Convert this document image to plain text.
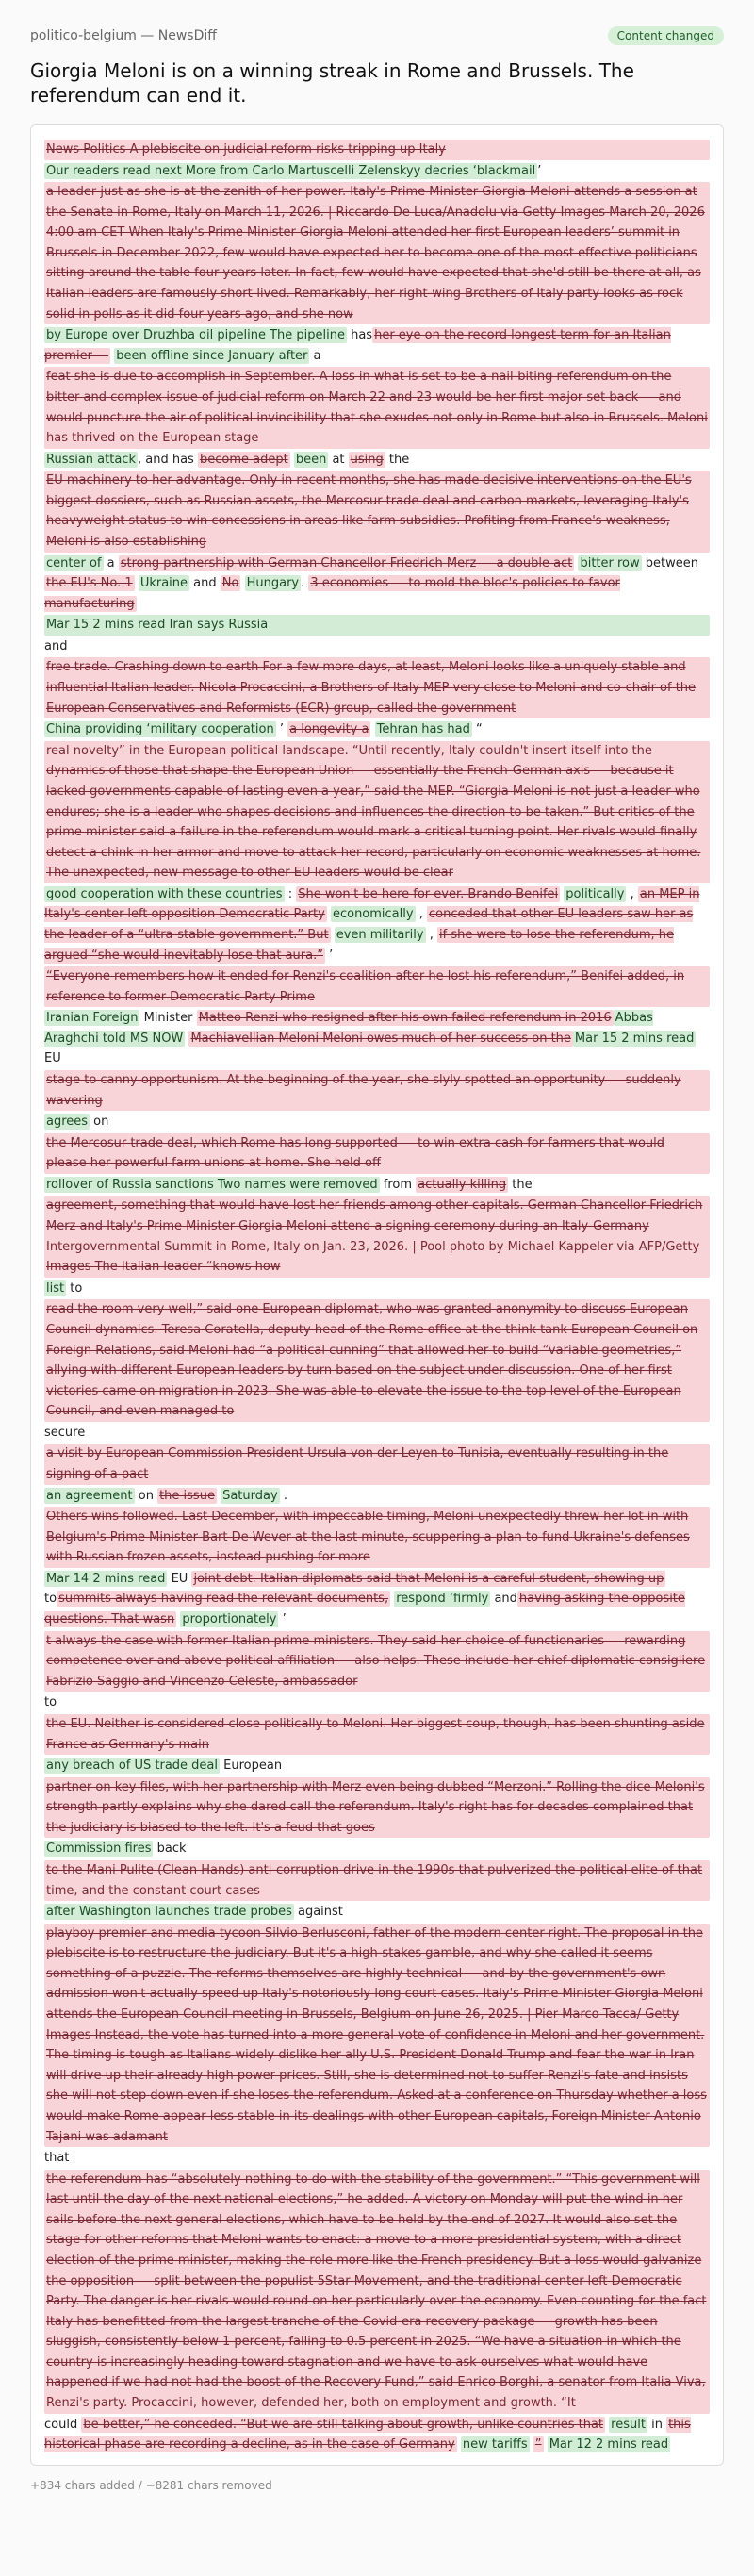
politico-belgium — NewsDiff	Content changed
Giorgia Meloni is on a winning streak in Rome and Brussels. The referendum can end it.
News Politics A plebiscite on judicial reform risks tripping up Italy
Our readers read next More from Carlo Martuscelli Zelenskyy decries ‘blackmail ’
a leader just as she is at the zenith of her power. Italy's Prime Minister Giorgia Meloni attends a session at the Senate in Rome, Italy on March 11, 2026. | Riccardo De Luca/Anadolu via Getty Images March 20, 2026 4:00 am CET When Italy's Prime Minister Giorgia Meloni attended her first European leaders’ summit in Brussels in December 2022, few would have expected her to become one of the most effective politicians sitting around the table four years later. In fact, few would have expected that she'd still be there at all, as Italian leaders are famously short-lived. Remarkably, her right-wing Brothers of Italy party looks as rock solid in polls as it did four years ago, and she now
by Europe over Druzhba oil pipeline The pipeline has her eye on the record longest term for an Italian premier — been offline since January after a
feat she is due to accomplish in September. A loss in what is set to be a nail-biting referendum on the bitter and complex issue of judicial reform on March 22 and 23 would be her first major set back — and would puncture the air of political invincibility that she exudes not only in Rome but also in Brussels. Meloni has thrived on the European stage
Russian attack , and has become adept been at using the
EU machinery to her advantage. Only in recent months, she has made decisive interventions on the EU's biggest dossiers, such as Russian assets, the Mercosur trade deal and carbon markets, leveraging Italy's heavyweight status to win concessions in areas like farm subsidies. Profiting from France's weakness, Meloni is also establishing
center of a strong partnership with German Chancellor Friedrich Merz — a double act bitter row between the EU's No. 1 Ukraine and No Hungary . 3 economies — to mold the bloc's policies to favor manufacturing
Mar 15 2 mins read Iran says Russia
and
free trade. Crashing down to earth For a few more days, at least, Meloni looks like a uniquely stable and influential Italian leader. Nicola Procaccini, a Brothers of Italy MEP very close to Meloni and co-chair of the European Conservatives and Reformists (ECR) group, called the government
China providing ‘military cooperation ’ a longevity a Tehran has had “
real novelty” in the European political landscape. “Until recently, Italy couldn't insert itself into the dynamics of those that shape the European Union — essentially the French-German axis — because it lacked governments capable of lasting even a year,” said the MEP. “Giorgia Meloni is not just a leader who endures; she is a leader who shapes decisions and influences the direction to be taken.” But critics of the prime minister said a failure in the referendum would mark a critical turning point. Her rivals would finally detect a chink in her armor and move to attack her record, particularly on economic weaknesses at home. The unexpected, new message to other EU leaders would be clear
good cooperation with these countries : She won't be here for ever. Brando Benifei politically , an MEP in Italy's center-left opposition Democratic Party economically , conceded that other EU leaders saw her as the leader of a “ultra-stable government.” But even militarily , if she were to lose the referendum, he argued “she would inevitably lose that aura.” ’
“Everyone remembers how it ended for Renzi's coalition after he lost his referendum,” Benifei added, in reference to former Democratic Party Prime
Iranian Foreign Minister Matteo Renzi who resigned after his own failed referendum in 2016 Abbas Araghchi told MS NOW Machiavellian Meloni Meloni owes much of her success on the Mar 15 2 mins read EU
stage to canny opportunism. At the beginning of the year, she slyly spotted an opportunity — suddenly wavering
agrees on
the Mercosur trade deal, which Rome has long supported — to win extra cash for farmers that would please her powerful farm unions at home. She held off
rollover of Russia sanctions Two names were removed from actually killing the
agreement, something that would have lost her friends among other capitals. German Chancellor Friedrich Merz and Italy's Prime Minister Giorgia Meloni attend a signing ceremony during an Italy-Germany Intergovernmental Summit in Rome, Italy on Jan. 23, 2026. | Pool photo by Michael Kappeler via AFP/Getty Images The Italian leader “knows how
list to
read the room very well,” said one European diplomat, who was granted anonymity to discuss European Council dynamics. Teresa Coratella, deputy head of the Rome office at the think tank European Council on Foreign Relations, said Meloni had “a political cunning” that allowed her to build “variable geometries,” allying with different European leaders by turn based on the subject under discussion. One of her first victories came on migration in 2023. She was able to elevate the issue to the top level of the European Council, and even managed to
secure
a visit by European Commission President Ursula von der Leyen to Tunisia, eventually resulting in the signing of a pact
an agreement on the issue Saturday .
Others wins followed. Last December, with impeccable timing, Meloni unexpectedly threw her lot in with Belgium's Prime Minister Bart De Wever at the last minute, scuppering a plan to fund Ukraine's defenses with Russian frozen assets, instead pushing for more
Mar 14 2 mins read EU joint debt. Italian diplomats said that Meloni is a careful student, showing up to summits always having read the relevant documents, respond ‘firmly and having asking the opposite questions. That wasn proportionately ’
t always the case with former Italian prime ministers. They said her choice of functionaries — rewarding competence over and above political affiliation — also helps. These include her chief diplomatic consigliere Fabrizio Saggio and Vincenzo Celeste, ambassador
to
the EU. Neither is considered close politically to Meloni. Her biggest coup, though, has been shunting aside France as Germany's main
any breach of US trade deal European
partner on key files, with her partnership with Merz even being dubbed “Merzoni.” Rolling the dice Meloni's strength partly explains why she dared call the referendum. Italy's right has for decades complained that the judiciary is biased to the left. It's a feud that goes
Commission fires back
to the Mani Pulite (Clean Hands) anti-corruption drive in the 1990s that pulverized the political elite of that time, and the constant court cases
after Washington launches trade probes against
playboy premier and media tycoon Silvio Berlusconi, father of the modern center-right. The proposal in the plebiscite is to restructure the judiciary. But it's a high-stakes gamble, and why she called it seems something of a puzzle. The reforms themselves are highly technical — and by the government's own admission won't actually speed up Italy's notoriously long court cases. Italy's Prime Minister Giorgia Meloni attends the European Council meeting in Brussels, Belgium on June 26, 2025. | Pier Marco Tacca/ Getty Images Instead, the vote has turned into a more general vote of confidence in Meloni and her government. The timing is tough as Italians widely dislike her ally U.S. President Donald Trump and fear the war in Iran will drive up their already high power prices. Still, she is determined not to suffer Renzi's fate and insists she will not step down even if she loses the referendum. Asked at a conference on Thursday whether a loss would make Rome appear less stable in its dealings with other European capitals, Foreign Minister Antonio Tajani was adamant
that
the referendum has “absolutely nothing to do with the stability of the government.” “This government will last until the day of the next national elections,” he added. A victory on Monday will put the wind in her sails before the next general elections, which have to be held by the end of 2027. It would also set the stage for other reforms that Meloni wants to enact: a move to a more presidential system, with a direct election of the prime minister, making the role more like the French presidency. But a loss would galvanize the opposition — split between the populist 5Star Movement, and the traditional center-left Democratic Party. The danger is her rivals would round on her particularly over the economy. Even counting for the fact Italy has benefitted from the largest tranche of the Covid-era recovery package — growth has been sluggish, consistently below 1 percent, falling to 0.5 percent in 2025. “We have a situation in which the country is increasingly heading toward stagnation and we have to ask ourselves what would have happened if we had not had the boost of the Recovery Fund,” said Enrico Borghi, a senator from Italia Viva, Renzi's party. Procaccini, however, defended her, both on employment and growth. “It
could be better,” he conceded. “But we are still talking about growth, unlike countries that result in this historical phase are recording a decline, as in the case of Germany new tariffs ” Mar 12 2 mins read
+834 chars added / −8281 chars removed
